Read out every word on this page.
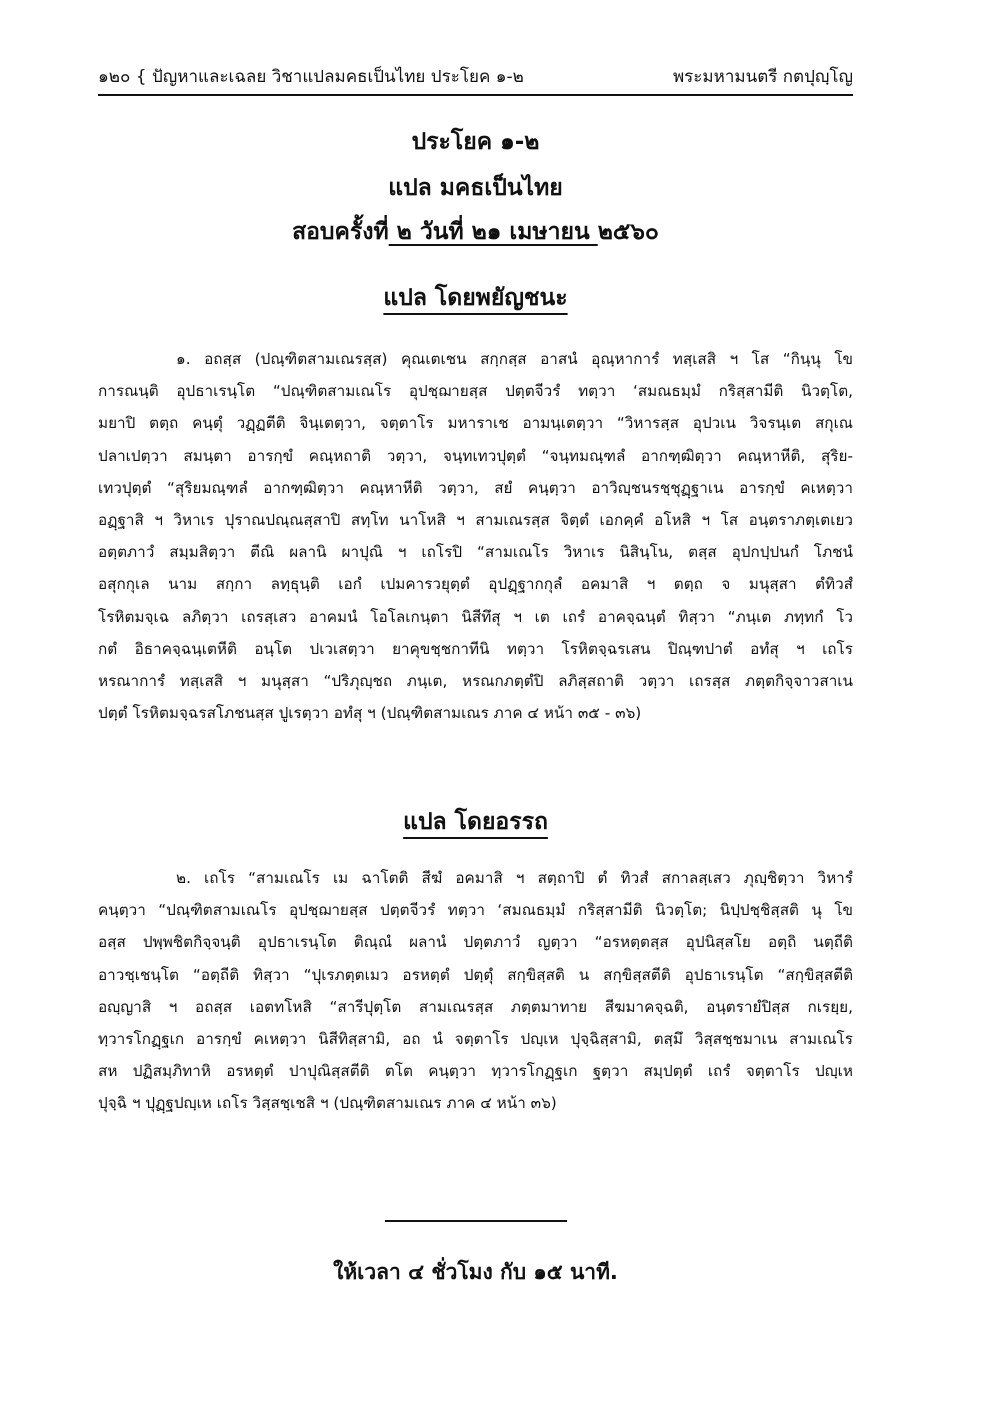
๑๒๐ { ปัญหาและเฉลย วิชาแปลมคธเป็นไทย ประโยค ๑-๒	พระมหามนตรี กตปุญฺโญ
ประโยค ๑-๒
แปล มคธเป็นไทย
สอบครั้งที่ ๒ วันที่ ๒๑ เมษายน ๒๕๖๐
แปล โดยพยัญชนะ
๑. อถสฺส (ปณฺฑิตสามเณรสฺส) คุณเตเชน สกฺกสฺส อาสนํ อุณฺหาการํ ทสฺเสสิ ฯ โส “กินฺนุ โข
การณนฺติ อุปธาเรนฺโต “ปณฺฑิตสามเณโร อุปชฺฌายสฺส ปตฺตจีวรํ ทตฺวา ‘สมณธมฺมํ กริสฺสามีติ นิวตฺโต,
มยาปิ ตตฺถ คนฺตุํ วฏฺฏตีติ จินฺเตตฺวา, จตฺตาโร มหาราเช อามนฺเตตฺวา “วิหารสฺส อุปวเน วิจรนฺเต สกุเณ
ปลาเปตฺวา สมนฺตา อารกฺขํ คณฺหถาติ วตฺวา, จนฺทเทวปุตฺตํ “จนฺทมณฺฑลํ อากฑฺฒิตฺวา คณฺหาหีติ, สุริย-
เทวปุตฺตํ “สุริยมณฺฑลํ อากฑฺฒิตฺวา คณฺหาหีติ วตฺวา, สยํ คนฺตฺวา อาวิญฺชนรชฺชุฏฺฐาเน อารกฺขํ คเหตฺวา
อฏฺฐาสิ ฯ วิหาเร ปุราณปณฺณสฺสาปิ สทฺโท นาโหสิ ฯ สามเณรสฺส จิตฺตํ เอกคฺคํ อโหสิ ฯ โส อนฺตราภตฺเตเยว
อตฺตภาวํ สมฺมสิตฺวา ตีณิ ผลานิ ผาปุณิ ฯ เถโรปิ “สามเณโร วิหาเร นิสินฺโน, ตสฺส อุปกปฺปนกํ โภชนํ
อสุกกุเล นาม สกฺกา ลทฺธุนฺติ เอกํ เปมคารวยุตฺตํ อุปฏฺฐากกุลํ อคมาสิ ฯ ตตฺถ จ มนุสฺสา ตํทิวสํ
โรหิตมจฺเฉ ลภิตฺวา เถรสฺเสว อาคมนํ โอโลเกนฺตา นิสีทึสุ ฯ เต เถรํ อาคจฺฉนฺตํ ทิสฺวา “ภนฺเต ภทฺทกํ โว
กตํ อิธาคจฺฉนฺเตหีติ อนฺโต ปเวเสตฺวา ยาคุขชฺชกาทีนิ ทตฺวา โรหิตจฺฉรเสน ปิณฺฑปาตํ อทํสุ ฯ เถโร
หรณาการํ ทสฺเสสิ ฯ มนุสฺสา “ปริภุญฺชถ ภนฺเต, หรณกภตฺตํปิ ลภิสฺสถาติ วตฺวา เถรสฺส ภตฺตกิจฺจาวสาเน
ปตฺตํ โรหิตมจฺฉรสโภชนสฺส ปูเรตฺวา อทํสุ ฯ (ปณฺฑิตสามเณร ภาค ๔ หน้า ๓๕ - ๓๖)
แปล โดยอรรถ
๒. เถโร “สามเณโร เม ฉาโตติ สีฆํ อคมาสิ ฯ สตฺถาปิ ตํ ทิวสํ สกาลสฺเสว ภุญฺชิตฺวา วิหารํ
คนฺตฺวา “ปณฺฑิตสามเณโร อุปชฺฌายสฺส ปตฺตจีวรํ ทตฺวา ‘สมณธมฺมํ กริสฺสามีติ นิวตฺโต; นิปฺปชฺชิสฺสติ นุ โข
อสฺส ปพฺพชิตกิจฺจนฺติ อุปธาเรนฺโต ติณฺณํ ผลานํ ปตฺตภาวํ ญตฺวา “อรหตฺตสฺส อุปนิสฺสโย อตฺถิ นตฺถีติ
อาวชฺเชนฺโต “อตฺถีติ ทิสฺวา “ปุเรภตฺตเมว อรหตฺตํ ปตฺตุํ สกฺขิสฺสติ น สกฺขิสฺสตีติ อุปธาเรนฺโต “สกฺขิสฺสตีติ
อญฺญาสิ ฯ อถสฺส เอตทโหสิ “สารีปุตฺโต สามเณรสฺส ภตฺตมาทาย สีฆมาคจฺฉติ, อนฺตรายํปิสฺส กเรยฺย,
ทฺวารโกฏฺฐเก อารกฺขํ คเหตฺวา นิสีทิสฺสามิ, อถ นํ จตฺตาโร ปญฺเห ปุจฺฉิสฺสามิ, ตสฺมึ วิสฺสชฺชมาเน สามเณโร
สห ปฏิสมฺภิทาหิ อรหตฺตํ ปาปุณิสฺสตีติ ตโต คนฺตฺวา ทฺวารโกฏฺฐเก ฐตฺวา สมฺปตฺตํ เถรํ จตฺตาโร ปญฺเห
ปุจฺฉิ ฯ ปุฏฺฐปญฺเห เถโร วิสฺสชฺเชสิ ฯ (ปณฺฑิตสามเณร ภาค ๔ หน้า ๓๖)
ให้เวลา ๔ ชั่วโมง กับ ๑๕ นาที.
